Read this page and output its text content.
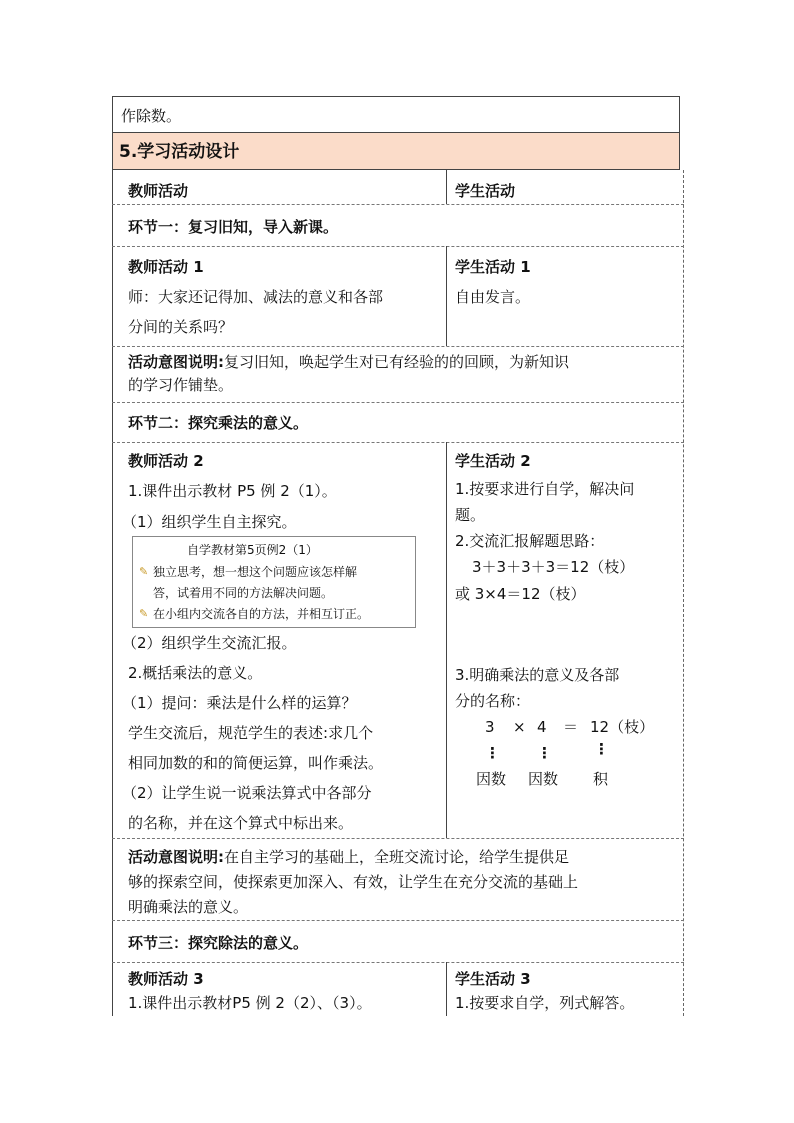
作除数。
5.学习活动设计
教师活动	学生活动
环节一：复习旧知，导入新课。
教师活动 1
师：大家还记得加、减法的意义和各部
分间的关系吗？
学生活动 1
自由发言。
活动意图说明:复习旧知，唤起学生对已有经验的的回顾，为新知识
的学习作铺垫。
环节二：探究乘法的意义。
教师活动 2
1.课件出示教材 P5 例 2（1）。
（1）组织学生自主探究。
自学教材第5页例2（1）
✎ 独立思考，想一想这个问题应该怎样解
答，试着用不同的方法解决问题。
✎ 在小组内交流各自的方法，并相互订正。
（2）组织学生交流汇报。
2.概括乘法的意义。
（1）提问：乘法是什么样的运算？
学生交流后，规范学生的表述:求几个
相同加数的和的简便运算，叫作乘法。
（2）让学生说一说乘法算式中各部分
的名称，并在这个算式中标出来。
学生活动 2
1.按要求进行自学，解决问
题。
2.交流汇报解题思路：
3＋3＋3＋3＝12（枝）
或 3×4＝12（枝）
3.明确乘法的意义及各部
分的名称：
3 × 4 ＝ 12（枝）
⋮ ⋮	⋮
因数 因数 积
活动意图说明:在自主学习的基础上，全班交流讨论，给学生提供足
够的探索空间，使探索更加深入、有效，让学生在充分交流的基础上
明确乘法的意义。
环节三：探究除法的意义。
教师活动 3
1.课件出示教材P5 例 2（2）、（3）。
学生活动 3
1.按要求自学，列式解答。
